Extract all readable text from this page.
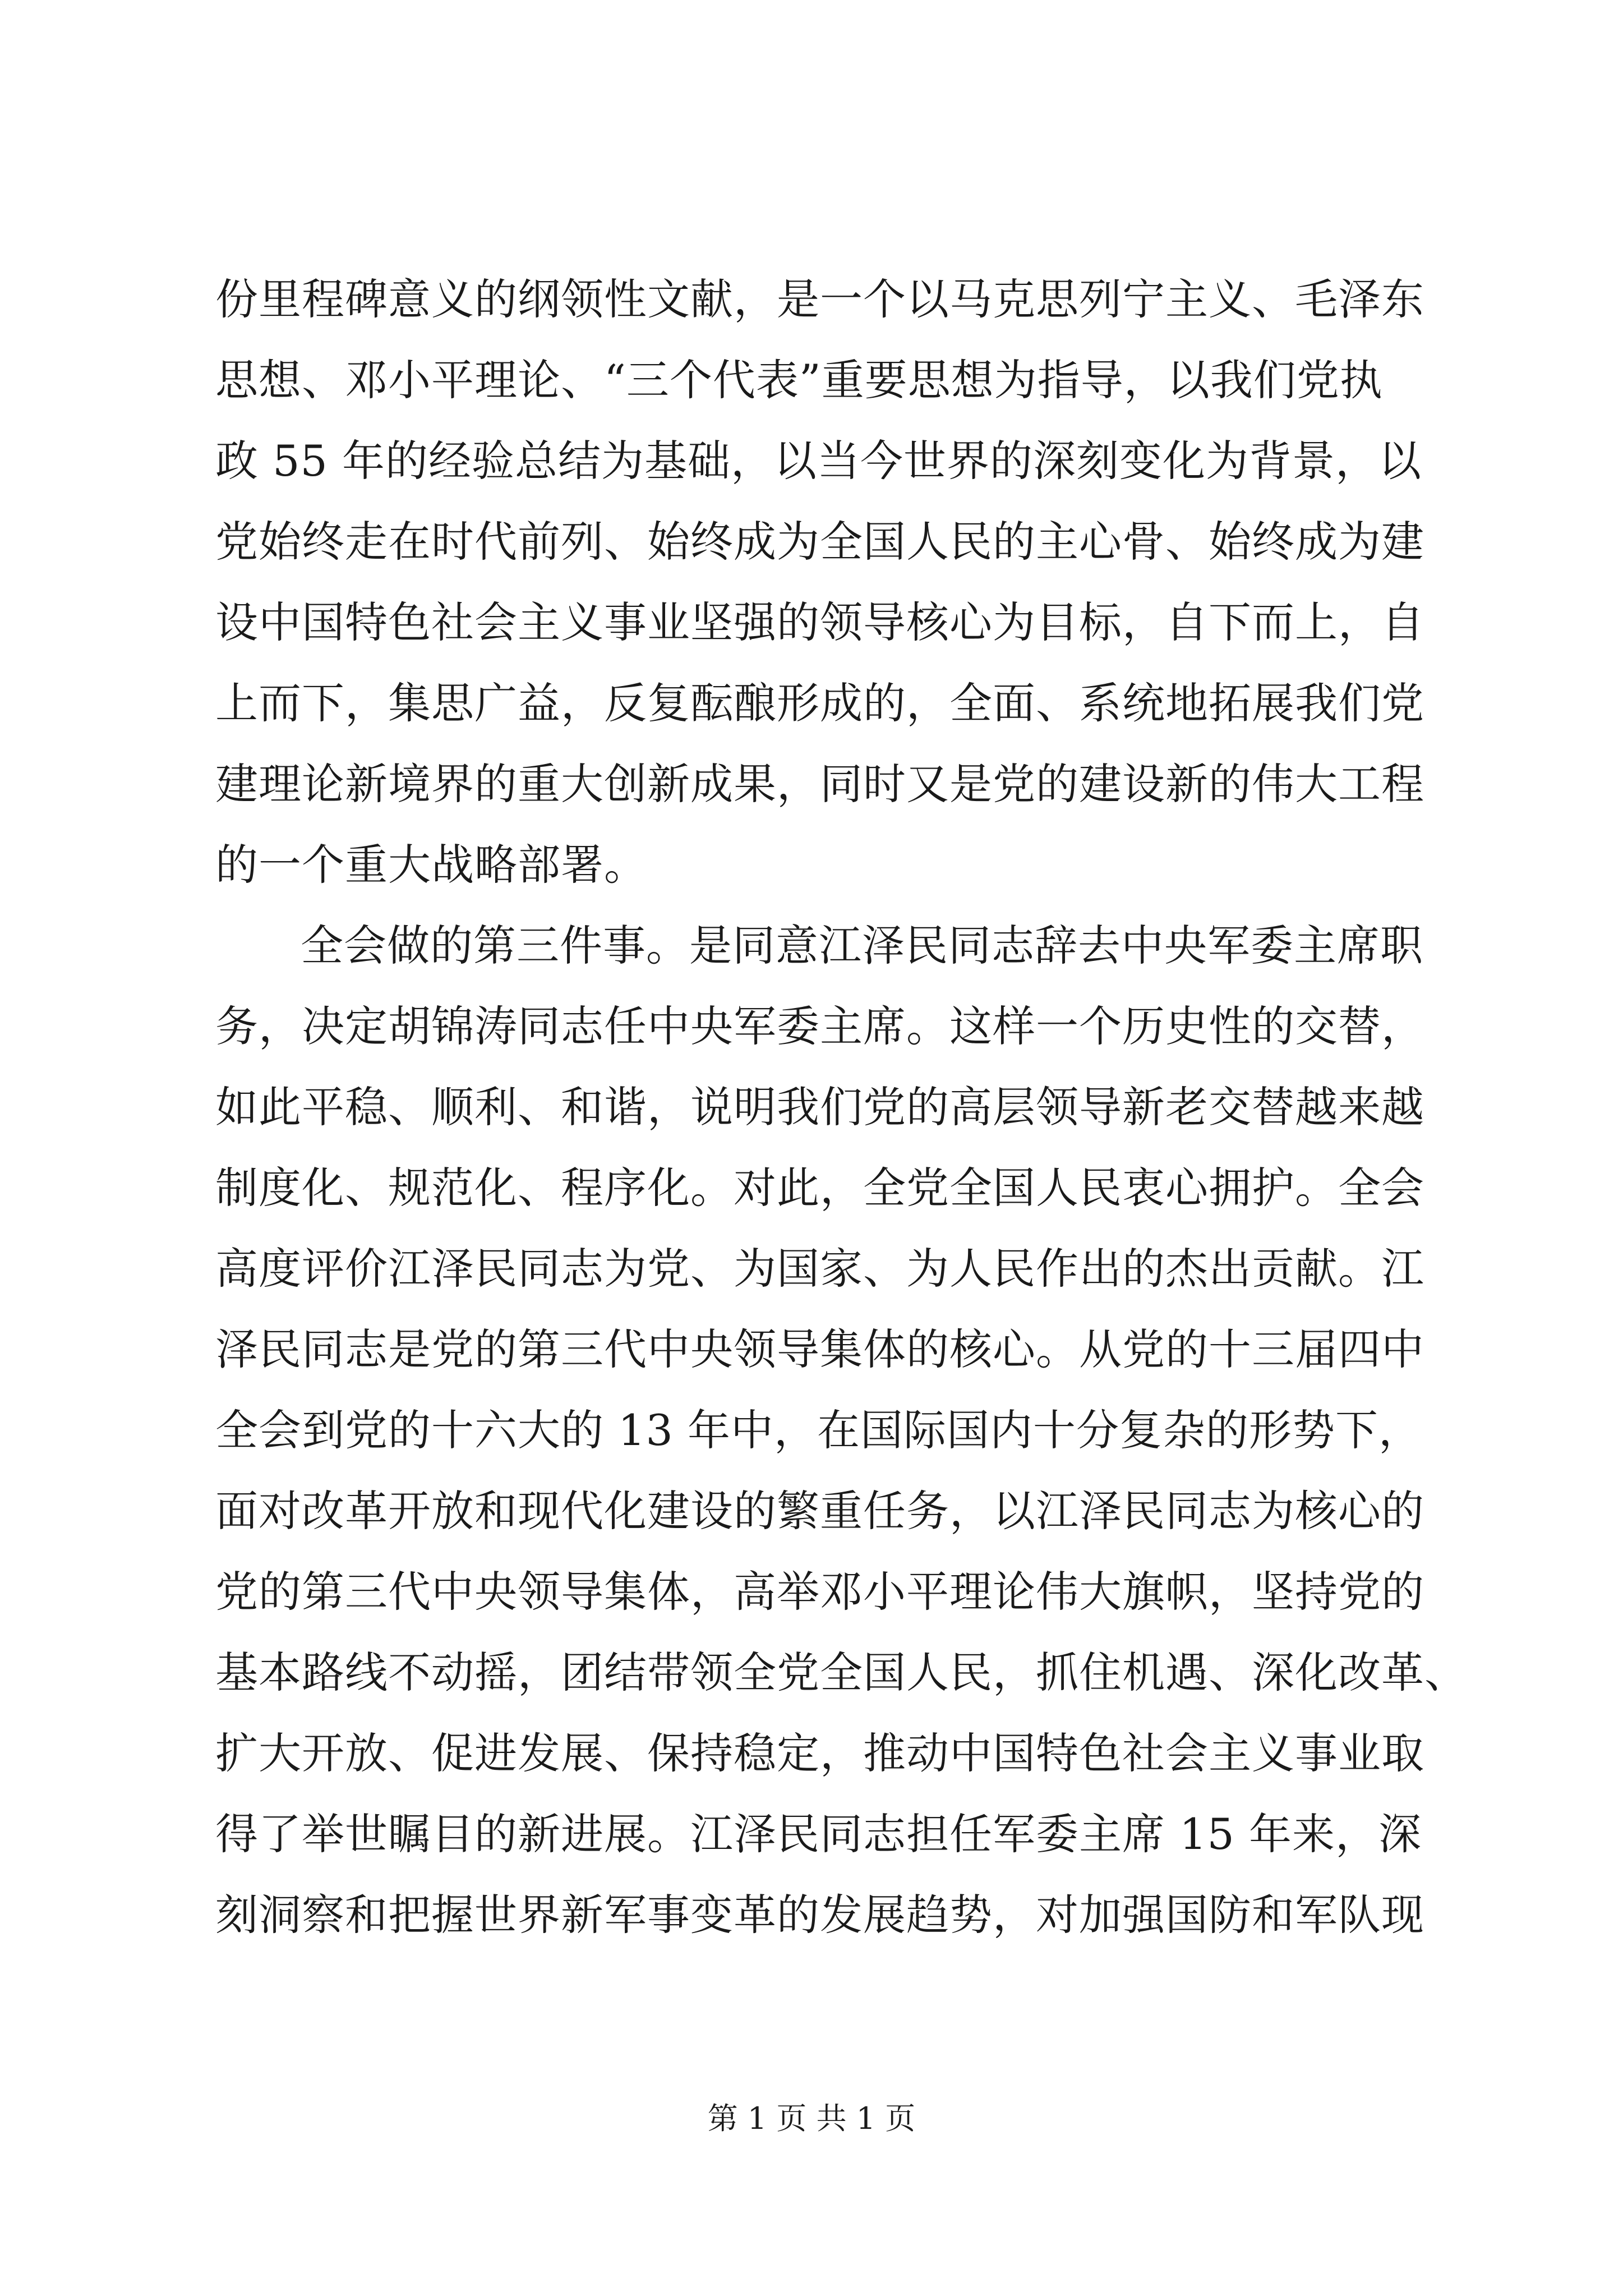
份里程碑意义的纲领性文献，是一个以马克思列宁主义、毛泽东
思想、邓小平理论、“三个代表”重要思想为指导，以我们党执
政 55 年的经验总结为基础，以当今世界的深刻变化为背景，以
党始终走在时代前列、始终成为全国人民的主心骨、始终成为建
设中国特色社会主义事业坚强的领导核心为目标，自下而上，自
上而下，集思广益，反复酝酿形成的，全面、系统地拓展我们党
建理论新境界的重大创新成果，同时又是党的建设新的伟大工程
的一个重大战略部署。
全会做的第三件事。是同意江泽民同志辞去中央军委主席职
务，决定胡锦涛同志任中央军委主席。这样一个历史性的交替，
如此平稳、顺利、和谐，说明我们党的高层领导新老交替越来越
制度化、规范化、程序化。对此，全党全国人民衷心拥护。全会
高度评价江泽民同志为党、为国家、为人民作出的杰出贡献。江
泽民同志是党的第三代中央领导集体的核心。从党的十三届四中
全会到党的十六大的 13 年中，在国际国内十分复杂的形势下，
面对改革开放和现代化建设的繁重任务，以江泽民同志为核心的
党的第三代中央领导集体，高举邓小平理论伟大旗帜，坚持党的
基本路线不动摇，团结带领全党全国人民，抓住机遇、深化改革、
扩大开放、促进发展、保持稳定，推动中国特色社会主义事业取
得了举世瞩目的新进展。江泽民同志担任军委主席 15 年来，深
刻洞察和把握世界新军事变革的发展趋势，对加强国防和军队现
第 1 页 共 1 页
